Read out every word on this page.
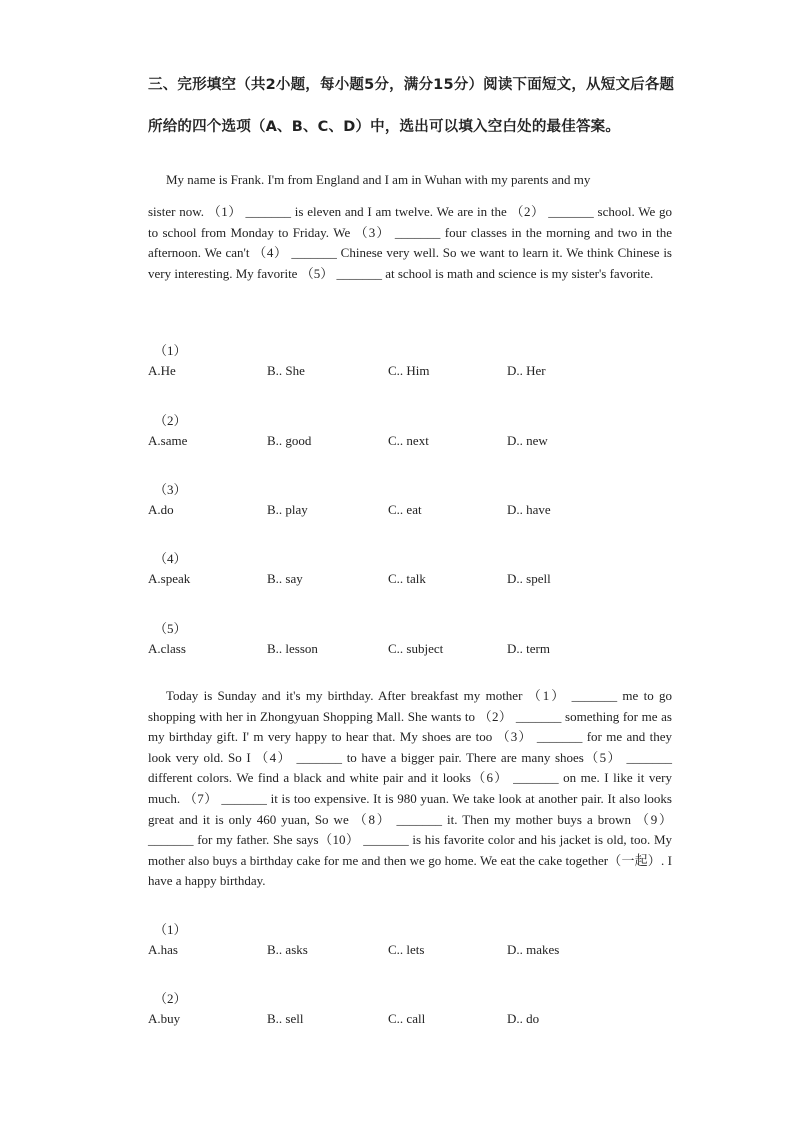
三、完形填空（共2小题，每小题5分，满分15分）阅读下面短文，从短文后各题
所给的四个选项（A、B、C、D）中，选出可以填入空白处的最佳答案。
My name is Frank. I'm from England and I am in Wuhan with my parents and my
sister now. （1） _______ is eleven and I am twelve. We are in the （2） _______ school. We go to school from Monday to Friday. We （3） _______ four classes in the morning and two in the afternoon. We can't （4） _______ Chinese very well. So we want to learn it. We think Chinese is very interesting. My favorite （5） _______ at school is math and science is my sister's favorite.
（1）
A.He	B.. She	C.. Him	D.. Her
（2）
A.same	B.. good	C.. next	D.. new
（3）
A.do	B.. play	C.. eat	D.. have
（4）
A.speak	B.. say	C.. talk	D.. spell
（5）
A.class	B.. lesson	C.. subject	D.. term
Today is Sunday and it's my birthday. After breakfast my mother （1） _______ me to go shopping with her in Zhongyuan Shopping Mall. She wants to （2） _______ something for me as my birthday gift. I' m very happy to hear that. My shoes are too （3） _______ for me and they look very old. So I （4） _______ to have a bigger pair. There are many shoes（5） _______ different colors. We find a black and white pair and it looks（6） _______ on me. I like it very much. （7） _______ it is too expensive. It is 980 yuan. We take look at another pair. It also looks great and it is only 460 yuan, So we （8） _______ it. Then my mother buys a brown （9） _______ for my father. She says（10） _______ is his favorite color and his jacket is old, too. My mother also buys a birthday cake for me and then we go home. We eat the cake together（一起）. I have a happy birthday.
（1）
A.has	B.. asks	C.. lets	D.. makes
（2）
A.buy	B.. sell	C.. call	D.. do
